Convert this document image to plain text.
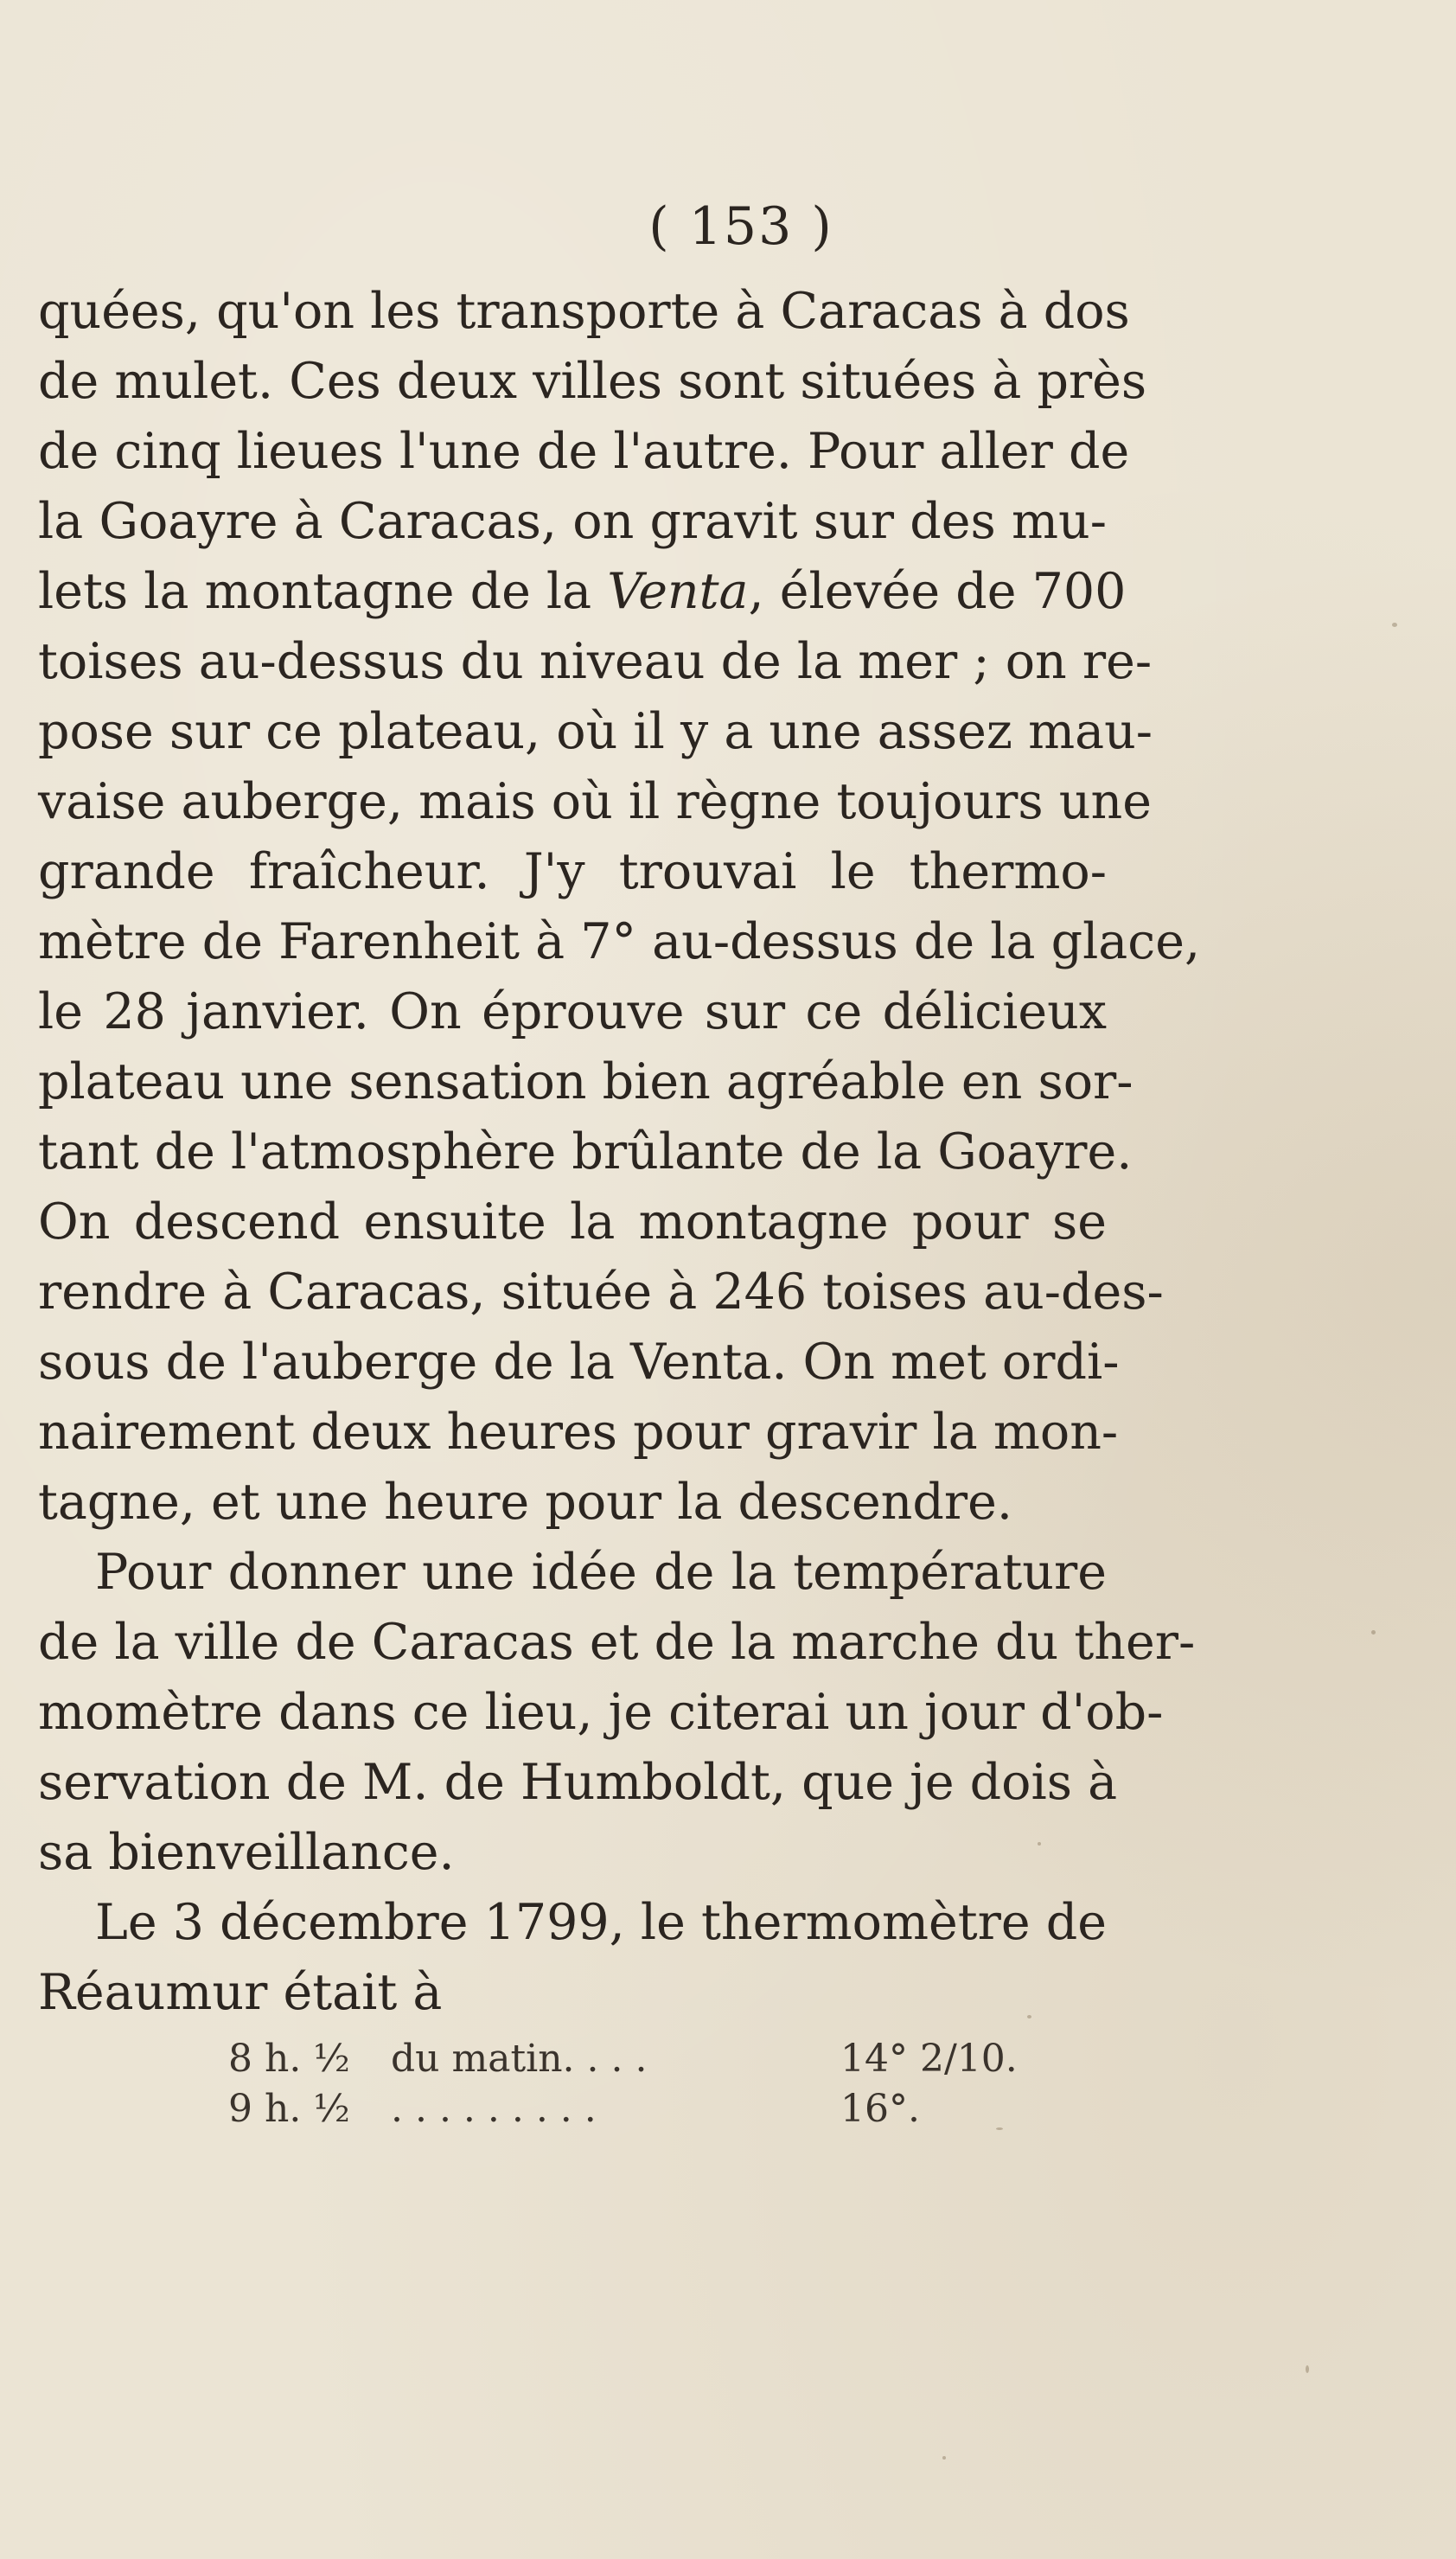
( 153 )
quées, qu'on les transporte à Caracas à dos
de mulet. Ces deux villes sont situées à près
de cinq lieues l'une de l'autre. Pour aller de
la Goayre à Caracas, on gravit sur des mu-
lets la montagne de la Venta, élevée de 700
toises au-dessus du niveau de la mer ; on re-
pose sur ce plateau, où il y a une assez mau-
vaise auberge, mais où il règne toujours une
grande fraîcheur. J'y trouvai le thermo-
mètre de Farenheit à 7° au-dessus de la glace,
le 28 janvier. On éprouve sur ce délicieux
plateau une sensation bien agréable en sor-
tant de l'atmosphère brûlante de la Goayre.
On descend ensuite la montagne pour se
rendre à Caracas, située à 246 toises au-des-
sous de l'auberge de la Venta. On met ordi-
nairement deux heures pour gravir la mon-
tagne, et une heure pour la descendre.
Pour donner une idée de la température
de la ville de Caracas et de la marche du ther-
momètre dans ce lieu, je citerai un jour d'ob-
servation de M. de Humboldt, que je dois à
sa bienveillance.
Le 3 décembre 1799, le thermomètre de
Réaumur était à
8 h. ½	du matin. . . .	14° 2/10.
9 h. ½	. . . . . . . . .	16°.
